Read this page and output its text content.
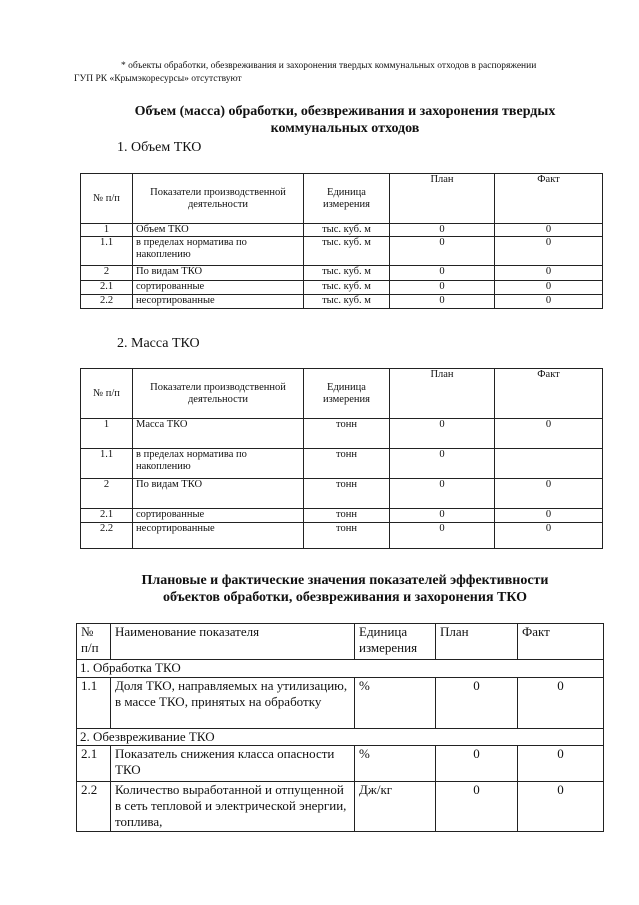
* объекты обработки, обезвреживания и захоронения твердых коммунальных отходов в распоряжении
ГУП РК «Крымэкоресурсы» отсутствуют
Объем (масса) обработки, обезвреживания и захоронения твердых
коммунальных отходов
1. Объем ТКО
№ п/п	Показатели производственной деятельности	Единица измерения	План	Факт
1	Объем ТКО	тыс. куб. м	0	0
1.1	в пределах норматива по накоплению	тыс. куб. м	0	0
2	По видам ТКО	тыс. куб. м	0	0
2.1	сортированные	тыс. куб. м	0	0
2.2	несортированные	тыс. куб. м	0	0
2. Масса ТКО
№ п/п	Показатели производственной деятельности	Единица измерения	План	Факт
1	Масса ТКО	тонн	0	0
1.1	в пределах норматива по накоплению	тонн	0	
2	По видам ТКО	тонн	0	0
2.1	сортированные	тонн	0	0
2.2	несортированные	тонн	0	0
Плановые и фактические значения показателей эффективности
объектов обработки, обезвреживания и захоронения ТКО
№ п/п	Наименование показателя	Единица измерения	План	Факт
1. Обработка ТКО				
1.1	Доля ТКО, направляемых на утилизацию, в массе ТКО, принятых на обработку	%	0	0
2. Обезвреживание ТКО				
2.1	Показатель снижения класса опасности ТКО	%	0	0
2.2	Количество выработанной и отпущенной в сеть тепловой и электрической энергии, топлива,	Дж/кг	0	0
